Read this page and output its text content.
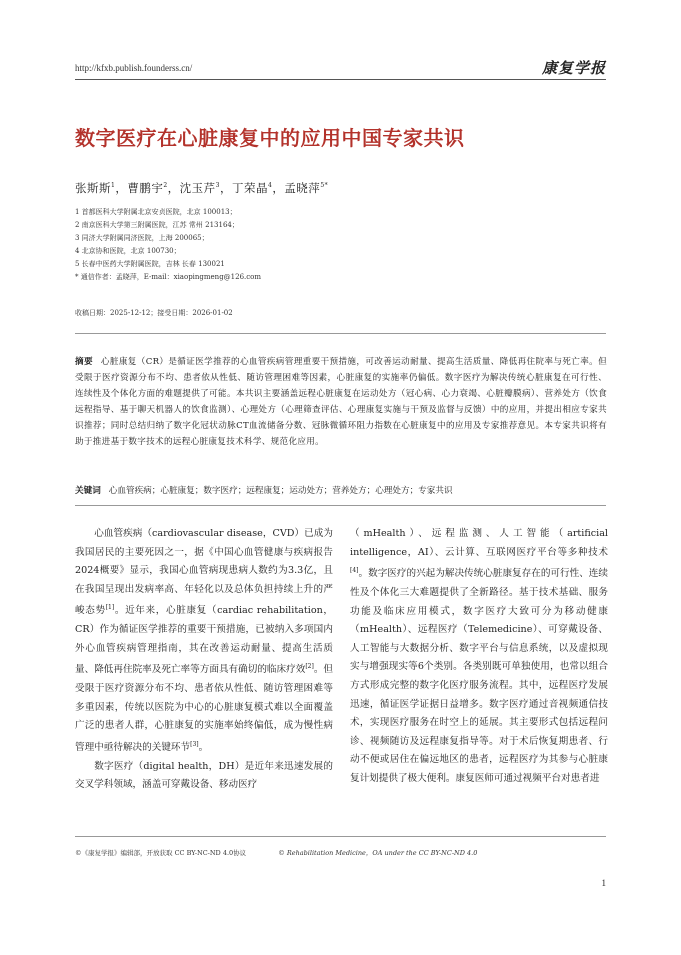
http://kfxb.publish.founderss.cn/	康复学报
数字医疗在心脏康复中的应用中国专家共识
张斯斯$^1$，曹鹏宇$^2$，沈玉芹$^3$，丁荣晶$^4$，孟晓萍$^{5*}$
1 首都医科大学附属北京安贞医院，北京 100013；
2 南京医科大学第三附属医院，江苏 常州 213164；
3 同济大学附属同济医院，上海 200065；
4 北京协和医院，北京 100730；
5 长春中医药大学附属医院，吉林 长春 130021
* 通信作者：孟晓萍，E-mail：xiaopingmeng@126.com
收稿日期：2025-12-12；接受日期：2026-01-02
摘要 心脏康复（CR）是循证医学推荐的心血管疾病管理重要干预措施，可改善运动耐量、提高生活质量、降低再住院率与死亡率。但受限于医疗资源分布不均、患者依从性低、随访管理困难等因素，心脏康复的实施率仍偏低。数字医疗为解决传统心脏康复在可行性、连续性及个体化方面的难题提供了可能。本共识主要涵盖远程心脏康复在运动处方（冠心病、心力衰竭、心脏瓣膜病）、营养处方（饮食远程指导、基于聊天机器人的饮食监测）、心理处方（心理筛查评估、心理康复实施与干预及监督与反馈）中的应用，并提出相应专家共识推荐；同时总结归纳了数字化冠状动脉CT血流储备分数、冠脉微循环阻力指数在心脏康复中的应用及专家推荐意见。本专家共识将有助于推进基于数字技术的远程心脏康复技术科学、规范化应用。
关键词 心血管疾病；心脏康复；数字医疗；远程康复；运动处方；营养处方；心理处方；专家共识

心血管疾病（cardiovascular disease，CVD）已成为我国居民的主要死因之一，据《中国心血管健康与疾病报告2024概要》显示，我国心血管病现患病人数约为3.3亿，且在我国呈现出发病率高、年轻化以及总体负担持续上升的严峻态势[1]。近年来，心脏康复（cardiac rehabilitation，CR）作为循证医学推荐的重要干预措施，已被纳入多项国内外心血管疾病管理指南，其在改善运动耐量、提高生活质量、降低再住院率及死亡率等方面具有确切的临床疗效[2]。但受限于医疗资源分布不均、患者依从性低、随访管理困难等多重因素，传统以医院为中心的心脏康复模式难以全面覆盖广泛的患者人群，心脏康复的实施率始终偏低，成为慢性病管理中亟待解决的关键环节[3]。

数字医疗（digital health，DH）是近年来迅速发展的交叉学科领域，涵盖可穿戴设备、移动医疗

（mHealth）、远程监测、人工智能（artificial intelligence，AI）、云计算、互联网医疗平台等多种技术[4]。数字医疗的兴起为解决传统心脏康复存在的可行性、连续性及个体化三大难题提供了全新路径。基于技术基础、服务功能及临床应用模式，数字医疗大致可分为移动健康（mHealth）、远程医疗（Telemedicine）、可穿戴设备、人工智能与大数据分析、数字平台与信息系统，以及虚拟现实与增强现实等6个类别。各类别既可单独使用，也常以组合方式形成完整的数字化医疗服务流程。其中，远程医疗发展迅速，循证医学证据日益增多。数字医疗通过音视频通信技术，实现医疗服务在时空上的延展。其主要形式包括远程问诊、视频随访及远程康复指导等。对于术后恢复期患者、行动不便或居住在偏远地区的患者，远程医疗为其参与心脏康复计划提供了极大便利。康复医师可通过视频平台对患者进

©《康复学报》编辑部，开放获取 CC BY-NC-ND 4.0协议	© Rehabilitation Medicine，OA under the CC BY-NC-ND 4.0
1
